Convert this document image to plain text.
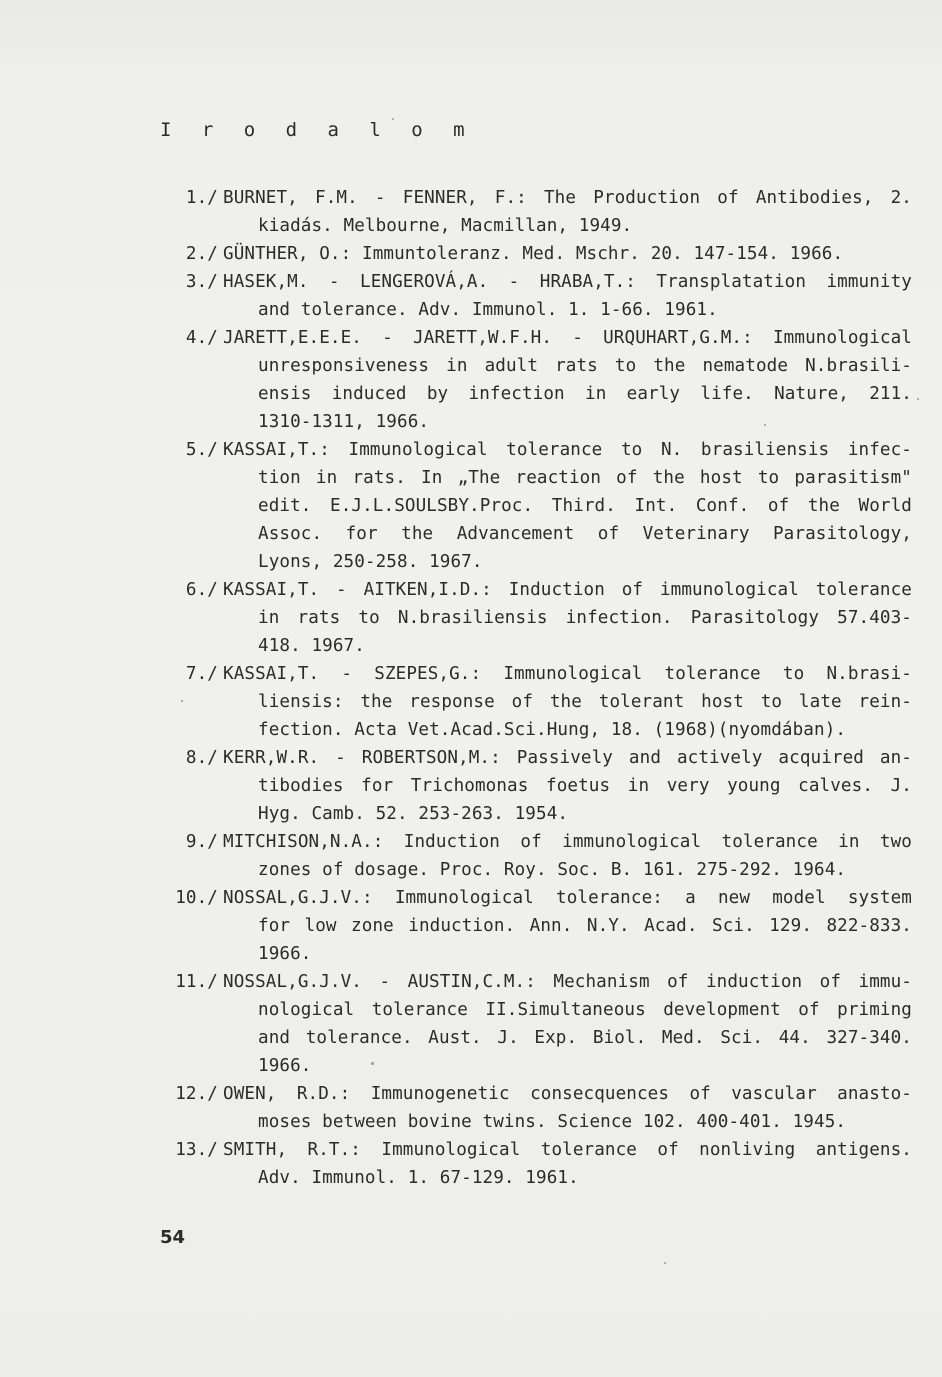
I r o d a l o m
1./ BURNET, F.M. - FENNER, F.: The Production of Antibodies, 2.
kiadás. Melbourne, Macmillan, 1949.
2./ GÜNTHER, O.: Immuntoleranz. Med. Mschr. 20. 147-154. 1966.
3./ HASEK,M. - LENGEROVÁ,A. - HRABA,T.: Transplatation immunity
and tolerance. Adv. Immunol. 1. 1-66. 1961.
4./ JARETT,E.E.E. - JARETT,W.F.H. - URQUHART,G.M.: Immunological
unresponsiveness in adult rats to the nematode N.brasili-
ensis induced by infection in early life. Nature, 211.
1310-1311, 1966.
5./ KASSAI,T.: Immunological tolerance to N. brasiliensis infec-
tion in rats. In „The reaction of the host to parasitism"
edit. E.J.L.SOULSBY.Proc. Third. Int. Conf. of the World
Assoc. for the Advancement of Veterinary Parasitology,
Lyons, 250-258. 1967.
6./ KASSAI,T. - AITKEN,I.D.: Induction of immunological tolerance
in rats to N.brasiliensis infection. Parasitology 57.403-
418. 1967.
7./ KASSAI,T. - SZEPES,G.: Immunological tolerance to N.brasi-
liensis: the response of the tolerant host to late rein-
fection. Acta Vet.Acad.Sci.Hung, 18. (1968)(nyomdában).
8./ KERR,W.R. - ROBERTSON,M.: Passively and actively acquired an-
tibodies for Trichomonas foetus in very young calves. J.
Hyg. Camb. 52. 253-263. 1954.
9./ MITCHISON,N.A.: Induction of immunological tolerance in two
zones of dosage. Proc. Roy. Soc. B. 161. 275-292. 1964.
10./ NOSSAL,G.J.V.: Immunological tolerance: a new model system
for low zone induction. Ann. N.Y. Acad. Sci. 129. 822-833.
1966.
11./ NOSSAL,G.J.V. - AUSTIN,C.M.: Mechanism of induction of immu-
nological tolerance II.Simultaneous development of priming
and tolerance. Aust. J. Exp. Biol. Med. Sci. 44. 327-340.
1966.
12./ OWEN, R.D.: Immunogenetic consecquences of vascular anasto-
moses between bovine twins. Science 102. 400-401. 1945.
13./ SMITH, R.T.: Immunological tolerance of nonliving antigens.
Adv. Immunol. 1. 67-129. 1961.
54
